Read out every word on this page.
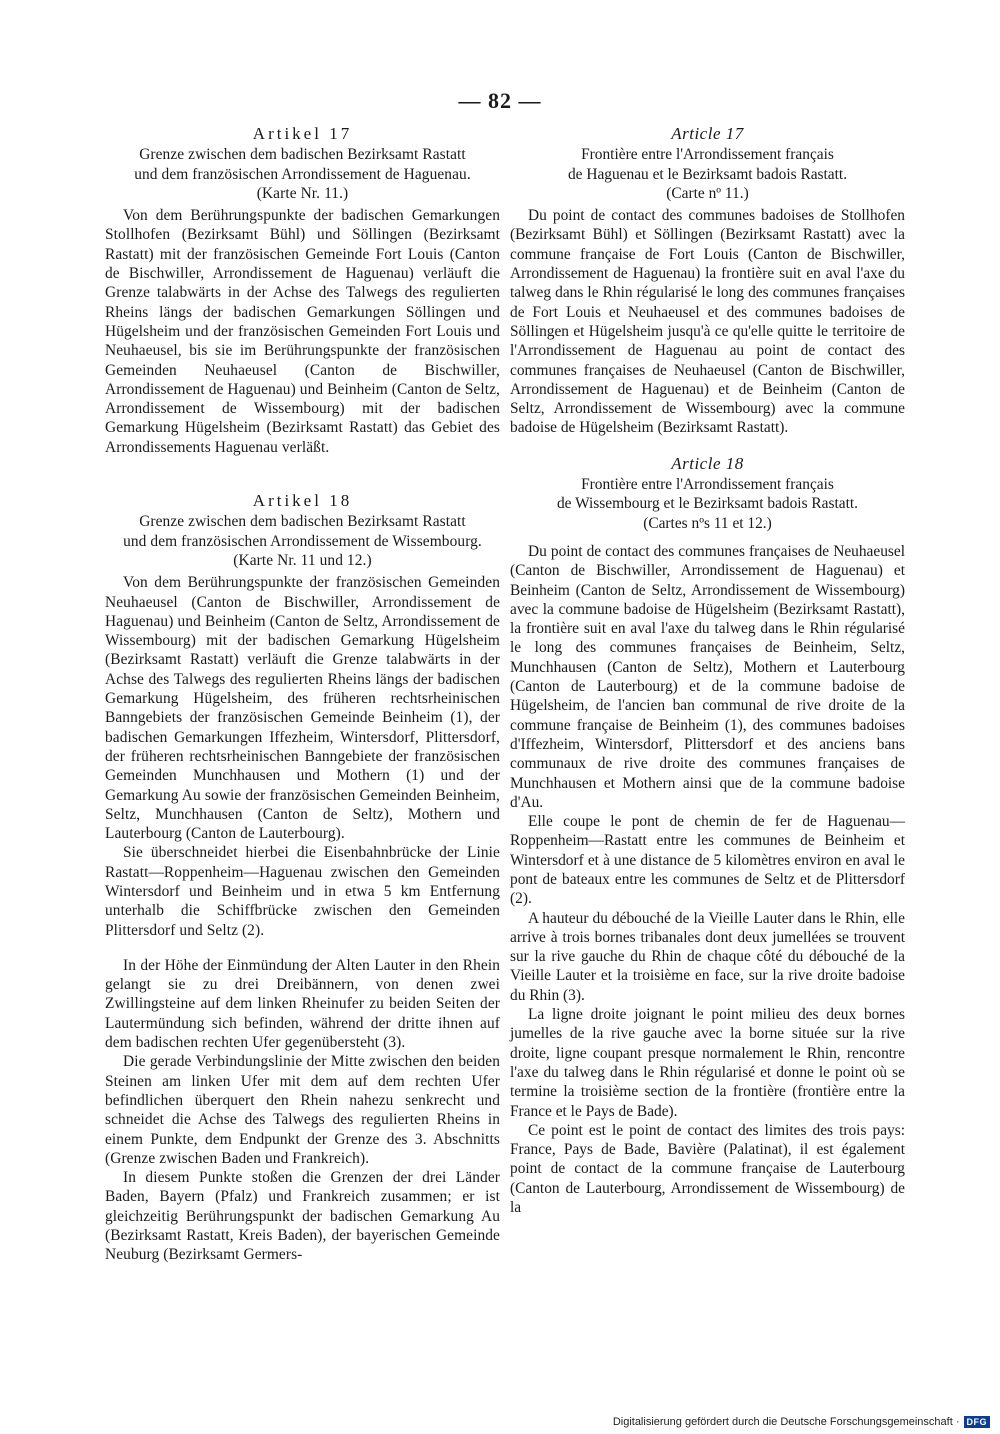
— 82 —
Artikel 17

Grenze zwischen dem badischen Bezirksamt Rastatt

und dem französischen Arrondissement de Haguenau.

(Karte Nr. 11.)

Von dem Berührungspunkte der badischen Gemarkungen Stollhofen (Bezirksamt Bühl) und Söllingen (Bezirksamt Rastatt) mit der französischen Gemeinde Fort Louis (Canton de Bischwiller, Arrondissement de Haguenau) verläuft die Grenze talabwärts in der Achse des Talwegs des regulierten Rheins längs der badischen Gemarkungen Söllingen und Hügelsheim und der französischen Gemeinden Fort Louis und Neuhaeusel, bis sie im Berührungspunkte der französischen Gemeinden Neuhaeusel (Canton de Bischwiller, Arrondissement de Haguenau) und Beinheim (Canton de Seltz, Arrondissement de Wissembourg) mit der badischen Gemarkung Hügelsheim (Bezirksamt Rastatt) das Gebiet des Arrondissements Haguenau verläßt.

Artikel 18

Grenze zwischen dem badischen Bezirksamt Rastatt

und dem französischen Arrondissement de Wissembourg.

(Karte Nr. 11 und 12.)

Von dem Berührungspunkte der französischen Gemeinden Neuhaeusel (Canton de Bischwiller, Arrondissement de Haguenau) und Beinheim (Canton de Seltz, Arrondissement de Wissembourg) mit der badischen Gemarkung Hügelsheim (Bezirksamt Rastatt) verläuft die Grenze talabwärts in der Achse des Talwegs des regulierten Rheins längs der badischen Gemarkung Hügelsheim, des früheren rechtsrheinischen Banngebiets der französischen Gemeinde Beinheim (1), der badischen Gemarkungen Iffezheim, Wintersdorf, Plittersdorf, der früheren rechtsrheinischen Banngebiete der französischen Gemeinden Munchhausen und Mothern (1) und der Gemarkung Au sowie der französischen Gemeinden Beinheim, Seltz, Munchhausen (Canton de Seltz), Mothern und Lauterbourg (Canton de Lauterbourg).

Sie überschneidet hierbei die Eisenbahnbrücke der Linie Rastatt—Roppenheim—Haguenau zwischen den Gemeinden Wintersdorf und Beinheim und in etwa 5 km Entfernung unterhalb die Schiffbrücke zwischen den Gemeinden Plittersdorf und Seltz (2).

In der Höhe der Einmündung der Alten Lauter in den Rhein gelangt sie zu drei Dreibännern, von denen zwei Zwillingsteine auf dem linken Rheinufer zu beiden Seiten der Lautermündung sich befinden, während der dritte ihnen auf dem badischen rechten Ufer gegenübersteht (3).

Die gerade Verbindungslinie der Mitte zwischen den beiden Steinen am linken Ufer mit dem auf dem rechten Ufer befindlichen überquert den Rhein nahezu senkrecht und schneidet die Achse des Talwegs des regulierten Rheins in einem Punkte, dem Endpunkt der Grenze des 3. Abschnitts (Grenze zwischen Baden und Frankreich).

In diesem Punkte stoßen die Grenzen der drei Länder Baden, Bayern (Pfalz) und Frankreich zusammen; er ist gleichzeitig Berührungspunkt der badischen Gemarkung Au (Bezirksamt Rastatt, Kreis Baden), der bayerischen Gemeinde Neuburg (Bezirksamt Germers-

Article 17

Frontière entre l'Arrondissement français

de Haguenau et le Bezirksamt badois Rastatt.

(Carte nº 11.)

Du point de contact des communes badoises de Stollhofen (Bezirksamt Bühl) et Söllingen (Bezirksamt Rastatt) avec la commune française de Fort Louis (Canton de Bischwiller, Arrondissement de Haguenau) la frontière suit en aval l'axe du talweg dans le Rhin régularisé le long des communes françaises de Fort Louis et Neuhaeusel et des communes badoises de Söllingen et Hügelsheim jusqu'à ce qu'elle quitte le territoire de l'Arrondissement de Haguenau au point de contact des communes françaises de Neuhaeusel (Canton de Bischwiller, Arrondissement de Haguenau) et de Beinheim (Canton de Seltz, Arrondissement de Wissembourg) avec la commune badoise de Hügelsheim (Bezirksamt Rastatt).

Article 18

Frontière entre l'Arrondissement français

de Wissembourg et le Bezirksamt badois Rastatt.

(Cartes nºs 11 et 12.)

Du point de contact des communes françaises de Neuhaeusel (Canton de Bischwiller, Arrondissement de Haguenau) et Beinheim (Canton de Seltz, Arrondissement de Wissembourg) avec la commune badoise de Hügelsheim (Bezirksamt Rastatt), la frontière suit en aval l'axe du talweg dans le Rhin régularisé le long des communes françaises de Beinheim, Seltz, Munchhausen (Canton de Seltz), Mothern et Lauterbourg (Canton de Lauterbourg) et de la commune badoise de Hügelsheim, de l'ancien ban communal de rive droite de la commune française de Beinheim (1), des communes badoises d'Iffezheim, Wintersdorf, Plittersdorf et des anciens bans communaux de rive droite des communes françaises de Munchhausen et Mothern ainsi que de la commune badoise d'Au.

Elle coupe le pont de chemin de fer de Haguenau—Roppenheim—Rastatt entre les communes de Beinheim et Wintersdorf et à une distance de 5 kilomètres environ en aval le pont de bateaux entre les communes de Seltz et de Plittersdorf (2).

A hauteur du débouché de la Vieille Lauter dans le Rhin, elle arrive à trois bornes tribanales dont deux jumellées se trouvent sur la rive gauche du Rhin de chaque côté du débouché de la Vieille Lauter et la troisième en face, sur la rive droite badoise du Rhin (3).

La ligne droite joignant le point milieu des deux bornes jumelles de la rive gauche avec la borne située sur la rive droite, ligne coupant presque normalement le Rhin, rencontre l'axe du talweg dans le Rhin régularisé et donne le point où se termine la troisième section de la frontière (frontière entre la France et le Pays de Bade).

Ce point est le point de contact des limites des trois pays: France, Pays de Bade, Bavière (Palatinat), il est également point de contact de la commune française de Lauterbourg (Canton de Lauterbourg, Arrondissement de Wissembourg) de la

Digitalisierung gefördert durch die Deutsche Forschungsgemeinschaft · DFG
